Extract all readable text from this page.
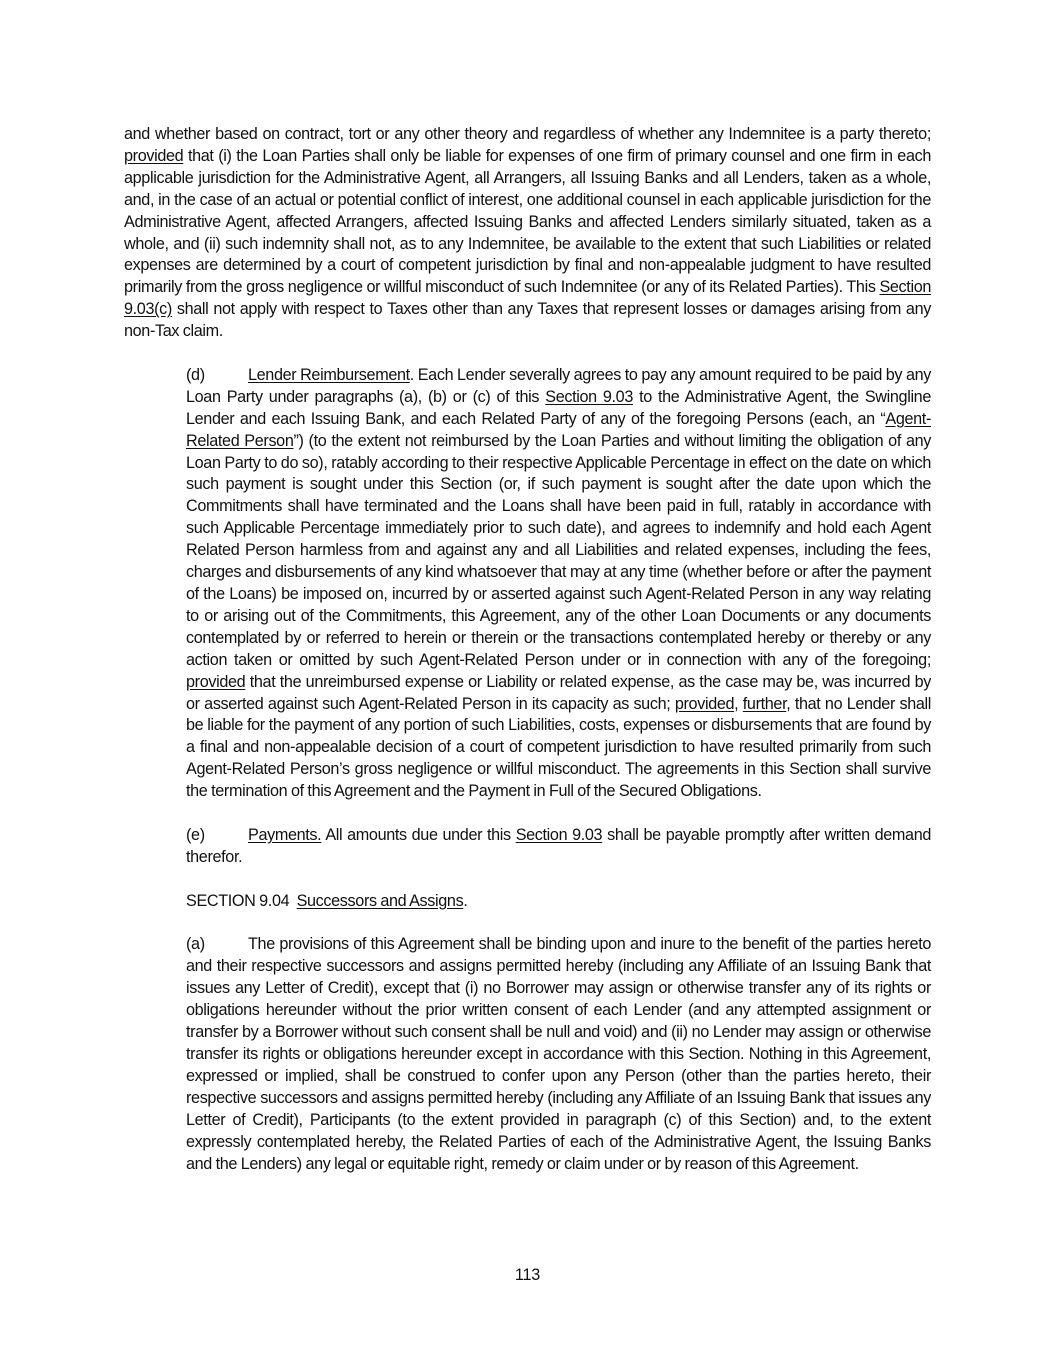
and whether based on contract, tort or any other theory and regardless of whether any Indemnitee is a party thereto; provided that (i) the Loan Parties shall only be liable for expenses of one firm of primary counsel and one firm in each applicable jurisdiction for the Administrative Agent, all Arrangers, all Issuing Banks and all Lenders, taken as a whole, and, in the case of an actual or potential conflict of interest, one additional counsel in each applicable jurisdiction for the Administrative Agent, affected Arrangers, affected Issuing Banks and affected Lenders similarly situated, taken as a whole, and (ii) such indemnity shall not, as to any Indemnitee, be available to the extent that such Liabilities or related expenses are determined by a court of competent jurisdiction by final and non-appealable judgment to have resulted primarily from the gross negligence or willful misconduct of such Indemnitee (or any of its Related Parties). This Section 9.03(c) shall not apply with respect to Taxes other than any Taxes that represent losses or damages arising from any non-Tax claim.

(d)	Lender Reimbursement. Each Lender severally agrees to pay any amount required to be paid by any Loan Party under paragraphs (a), (b) or (c) of this Section 9.03 to the Administrative Agent, the Swingline Lender and each Issuing Bank, and each Related Party of any of the foregoing Persons (each, an “Agent-Related Person”) (to the extent not reimbursed by the Loan Parties and without limiting the obligation of any Loan Party to do so), ratably according to their respective Applicable Percentage in effect on the date on which such payment is sought under this Section (or, if such payment is sought after the date upon which the Commitments shall have terminated and the Loans shall have been paid in full, ratably in accordance with such Applicable Percentage immediately prior to such date), and agrees to indemnify and hold each Agent Related Person harmless from and against any and all Liabilities and related expenses, including the fees, charges and disbursements of any kind whatsoever that may at any time (whether before or after the payment of the Loans) be imposed on, incurred by or asserted against such Agent-Related Person in any way relating to or arising out of the Commitments, this Agreement, any of the other Loan Documents or any documents contemplated by or referred to herein or therein or the transactions contemplated hereby or thereby or any action taken or omitted by such Agent-Related Person under or in connection with any of the foregoing; provided that the unreimbursed expense or Liability or related expense, as the case may be, was incurred by or asserted against such Agent-Related Person in its capacity as such; provided, further, that no Lender shall be liable for the payment of any portion of such Liabilities, costs, expenses or disbursements that are found by a final and non-appealable decision of a court of competent jurisdiction to have resulted primarily from such Agent-Related Person’s gross negligence or willful misconduct. The agreements in this Section shall survive the termination of this Agreement and the Payment in Full of the Secured Obligations.

(e)	Payments. All amounts due under this Section 9.03 shall be payable promptly after written demand therefor.

SECTION 9.04  Successors and Assigns.

(a)	The provisions of this Agreement shall be binding upon and inure to the benefit of the parties hereto and their respective successors and assigns permitted hereby (including any Affiliate of an Issuing Bank that issues any Letter of Credit), except that (i) no Borrower may assign or otherwise transfer any of its rights or obligations hereunder without the prior written consent of each Lender (and any attempted assignment or transfer by a Borrower without such consent shall be null and void) and (ii) no Lender may assign or otherwise transfer its rights or obligations hereunder except in accordance with this Section. Nothing in this Agreement, expressed or implied, shall be construed to confer upon any Person (other than the parties hereto, their respective successors and assigns permitted hereby (including any Affiliate of an Issuing Bank that issues any Letter of Credit), Participants (to the extent provided in paragraph (c) of this Section) and, to the extent expressly contemplated hereby, the Related Parties of each of the Administrative Agent, the Issuing Banks and the Lenders) any legal or equitable right, remedy or claim under or by reason of this Agreement.

113
